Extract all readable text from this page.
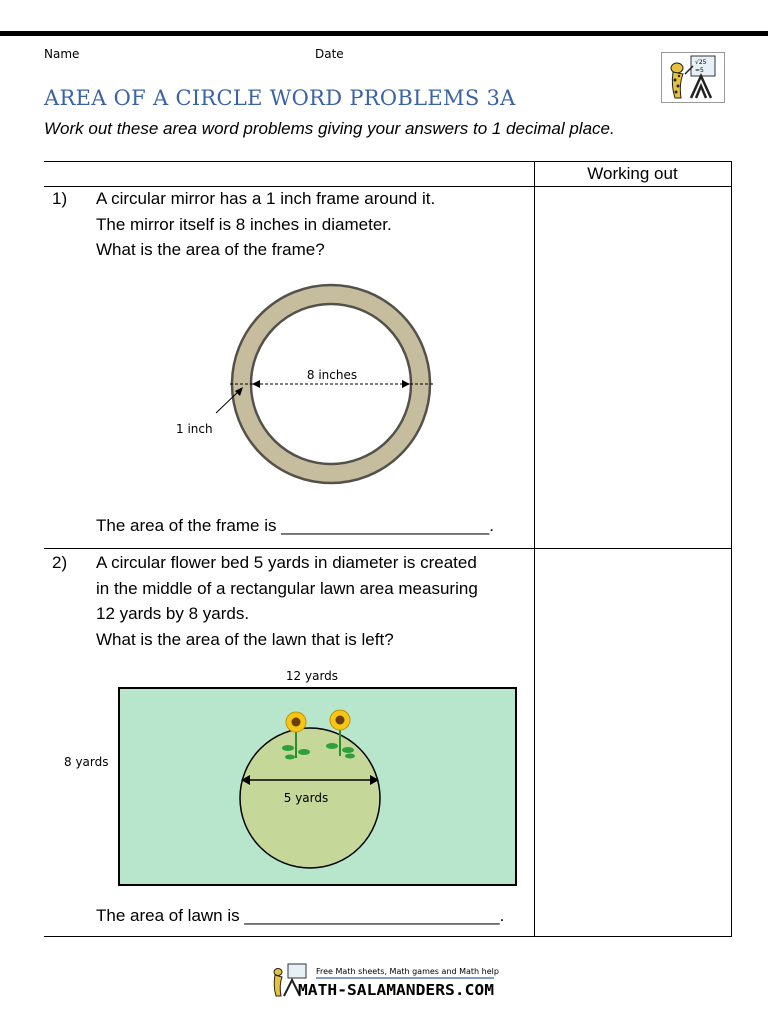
Name	Date
AREA OF A CIRCLE WORD PROBLEMS 3A
Work out these area word problems giving your answers to 1 decimal place.
√25
=5
Working out
1) A circular mirror has a 1 inch frame around it.
The mirror itself is 8 inches in diameter.
What is the area of the frame?
8 inches
1 inch
The area of the frame is ______________________.
2) A circular flower bed 5 yards in diameter is created
in the middle of a rectangular lawn area measuring
12 yards by 8 yards.
What is the area of the lawn that is left?
12 yards
8 yards
5 yards
The area of lawn is ___________________________.
Free Math sheets, Math games and Math help
MATH-SALAMANDERS.COM
